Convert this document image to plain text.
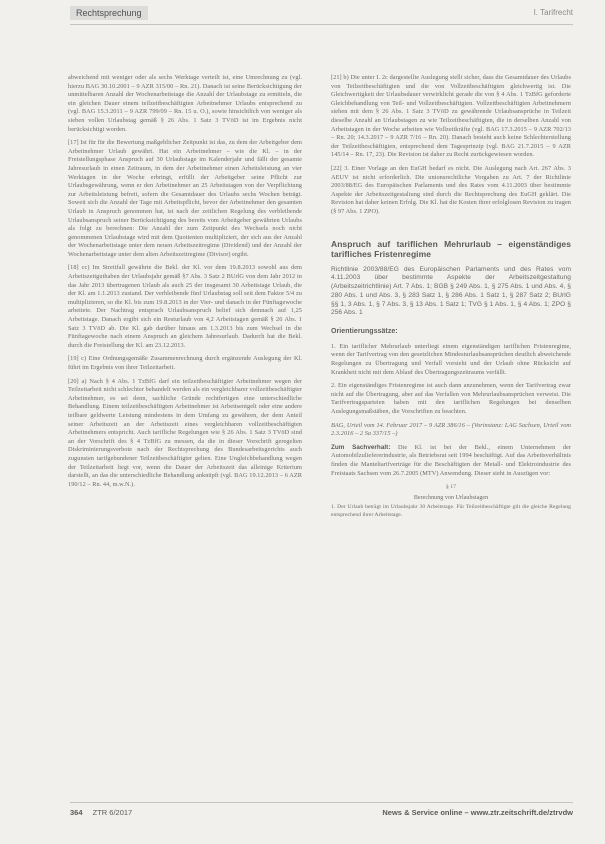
Rechtsprechung	I. Tarifrecht

abweichend mit weniger oder als sechs Werktage verteilt ist, eine Umrechnung zu (vgl. hierzu BAG 30.10.2001 – 9 AZR 315/00 – Rn. 21). Danach ist seine Berücksichtigung der unmittelbaren Anzahl der Wochenarbeitstage die Anzahl der Urlaubstage zu ermitteln, die ein gleichen Dauer einem teilzeitbeschäftigten Arbeitnehmer Urlaubs entsprechend zu (vgl. BAG 15.3.2011 – 9 AZR 799/09 – Rn. 15 u. O.), sowie hinsichtlich von weniger als sieben vollen Urlaubstag gemäß § 26 Abs. 1 Satz 3 TVöD ist im Ergebnis nicht berücksichtigt worden.

[17] Ist für für die Bewertung maßgeblicher Zeitpunkt ist das, zu dem der Arbeitgeber dem Arbeitnehmer Urlaub gewährt. Hat ein Arbeitnehmer – wie die Kl. – in der Freistellungsphase Anspruch auf 30 Urlaubstage im Kalenderjahr und fällt der gesamte Jahresurlaub in einen Zeitraum, in dem der Arbeitnehmer einen Arbeitsleistung an vier Werktagen in der Woche erbringt, erfüllt der Arbeitgeber seine Pflicht zur Urlaubsgewährung, wenn er den Arbeitnehmer an 25 Arbeitstagen von der Verpflichtung zur Arbeitsleistung befreit, sofern die Gesamtdauer des Urlaubs sechs Wochen beträgt. Soweit sich die Anzahl der Tage mit Arbeitspflicht, bevor der Arbeitnehmer den gesamten Urlaub in Anspruch genommen hat, ist nach der zeitlichen Regelung des verbleibende Urlaubsanspruch seiner Berücksichtigung des bereits vom Arbeitgeber gewährten Urlaubs als folgt zu berechnen: Die Anzahl der zum Zeitpunkt des Wechsels noch nicht genommenen Urlaubstage wird mit dem Quotienten multipliziert, der sich aus der Anzahl der Wochenarbeitstage unter dem neuen Arbeitszeitregime (Dividend) und der Anzahl der Wochenarbeitstage unter dem alten Arbeitszeitregime (Divisor) ergibt.

[18] cc) Im Streitfall gewährte die Bekl. der Kl. vor dem 19.8.2013 sowohl aus dem Arbeitszeitguthaben der Urlaubsjahr gemäß §7 Abs. 3 Satz 2 BUrlG von dem Jahr 2012 in das Jahr 2013 übertragenen Urlaub als auch 25 der insgesamt 30 Arbeitstage Urlaub, die der Kl. am 1.1.2013 zustand. Der verbleibende fünf Urlaubstag soll seit dem Faktor 5/4 zu multiplizieren, so die Kl. bis zum 19.8.2013 in der Vier- und danach in der Fünftagewoche arbeitete. Der Nachtrag entsprach Urlaubsanspruch belief sich demnach auf 1,25 Arbeitstage. Danach ergibt sich ein Resturlaub von 4,2 Arbeitstagen gemäß § 26 Abs. 1 Satz 3 TVöD ab. Die Kl. gab darüber hinaus am 1.3.2013 bis zum Wechsel in die Fünftagewoche nach einem Anspruch an gleichem Jahresurlaub. Dadurch hat die Bekl. durch die Freistellung der Kl. am 23.12.2013.

[19] c) Eine Ordnungsgemäße Zusammenrechnung durch ergänzende Auslegung der Kl. führt im Ergebnis von ihrer Teilzeitarbeit.

[20] a) Nach § 4 Abs. 1 TzBfG darf ein teilzeitbeschäftigter Arbeitnehmer wegen der Teilzeitarbeit nicht schlechter behandelt werden als ein vergleichbarer vollzeitbeschäftigter Arbeitnehmer, es sei denn, sachliche Gründe rechtfertigen eine unterschiedliche Behandlung. Einem teilzeitbeschäftigten Arbeitnehmer ist Arbeitsentgelt oder eine andere teilbare geldwerte Leistung mindestens in dem Umfang zu gewähren, der dem Anteil seiner Arbeitszeit an der Arbeitszeit eines vergleichbaren vollzeitbeschäftigten Arbeitnehmers entspricht. Auch tarifliche Regelungen wie § 26 Abs. 1 Satz 3 TVöD sind an der Vorschrift des § 4 TzBfG zu messen, da die in dieser Vorschrift geregelten Diskriminierungsverbote nach der Rechtsprechung des Bundesarbeitsgerichts auch zugunsten tarifgebundener Teilzeitbeschäftigter gelten. Eine Ungleichbehandlung wegen der Teilzeitarbeit liegt vor, wenn die Dauer der Arbeitszeit das alleinige Kriterium darstellt, an das die unterschiedliche Behandlung anknüpft (vgl. BAG 19.12.2013 – 6 AZR 190/12 – Rn. 44, m.w.N.).

[21] b) Die unter I. 2c dargestellte Auslegung stellt sicher, dass die Gesamtdauer des Urlaubs von Teilzeitbeschäftigten und die von Vollzeitbeschäftigten gleichwertig ist. Die Gleichwertigkeit der Urlaubsdauer verwirklicht gerade die von § 4 Abs. 1 TzBfG geforderte Gleichbehandlung von Teil- und Vollzeitbeschäftigten. Vollzeitbeschäftigten Arbeitnehmern stehen mit dem § 26 Abs. 1 Satz 3 TVöD zu gewährende Urlaubsansprüche in Teilzeit dieselbe Anzahl an Urlaubstagen zu wie Teilzeitbeschäftigten, die in derselben Anzahl von Arbeitstagen in der Woche arbeiten wie Vollzeitkräfte (vgl. BAG 17.3.2015 – 9 AZR 702/13 – Rn. 20; 14.3.2017 – 9 AZR 7/16 – Rn. 20). Danach besteht auch keine Schlechterstellung der Teilzeitbeschäftigten, entsprechend dem Tagesprinzip (vgl. BAG 21.7.2015 – 9 AZR 145/14 – Rn. 17, 23). Die Revision ist daher zu Recht zurückgewiesen worden.

[22] 3. Einer Vorlage an den EuGH bedarf es nicht. Die Auslegung nach Art. 267 Abs. 3 AEUV ist nicht erforderlich. Die unionsrechtliche Vorgaben zu Art. 7 der Richtlinie 2003/88/EG des Europäischen Parlaments und des Rates vom 4.11.2003 über bestimmte Aspekte der Arbeitszeitgestaltung sind durch die Rechtsprechung des EuGH geklärt. Die Revision hat daher keinen Erfolg. Die Kl. hat die Kosten ihrer erfolglosen Revision zu tragen (§ 97 Abs. 1 ZPO).

Anspruch auf tariflichen Mehrurlaub – eigenständiges tarifliches Fristenregime
Richtlinie 2003/88/EG des Europäischen Parlaments und des Rates vom 4.11.2003 über bestimmte Aspekte der Arbeitszeitgestaltung (Arbeitszeitrichtlinie) Art. 7 Abs. 1; BGB § 249 Abs. 1, § 275 Abs. 1 und Abs. 4, § 280 Abs. 1 und Abs. 3, § 283 Satz 1, § 286 Abs. 1 Satz 1, § 287 Satz 2; BUrlG §§ 1, 3 Abs. 1, § 7 Abs. 3, § 13 Abs. 1 Satz 1; TVG § 1 Abs. 1, § 4 Abs. 1; ZPO § 256 Abs. 1
Orientierungssätze:

1. Ein tariflicher Mehrurlaub unterliegt einem eigenständigen tariflichen Fristenregime, wenn der Tarifvertrag von den gesetzlichen Mindesturlaubsansprüchen deutlich abweichende Regelungen zu Übertragung und Verfall vorsieht und der Urlaub ohne Rücksicht auf Krankheit nicht mit dem Ablauf des Übertragungszeitraums verfällt.

2. Ein eigenständiges Fristenregime ist auch dann anzunehmen, wenn der Tarifvertrag zwar nicht auf die Übertragung, aber auf das Verfallen von Mehrurlaubsansprüchen verweist. Die Tarifvertragsparteien haben mit den tariflichen Regelungen bei denselben Auslegungsmaßstäben, die Vorschriften zu beachten.

BAG, Urteil vom 14. Februar 2017 – 9 AZR 386/16 – (Vorinstanz: LAG Sachsen, Urteil vom 2.3.2016 – 2 Sa 337/15 –)

Zum Sachverhalt: Die Kl. ist bei der Bekl., einem Unternehmen der Automobilzuliefererindustrie, als Betriebsrat seit 1994 beschäftigt. Auf das Arbeitsverhältnis finden die Manteltarifverträge für die Beschäftigten der Metall- und Elektroindustrie des Freistaats Sachsen vom 26.7.2005 (MTV) Anwendung. Dieser sieht in Auszügen vor:

§ 17
Berechnung von Urlaubstagen

1. Der Urlaub beträgt im Urlaubsjahr 30 Arbeitstage. Für Teilzeitbeschäftigte gilt die gleiche Regelung entsprechend ihrer Arbeitstage.

364 ZTR 6/2017	News & Service online – www.ztr.zeitschrift.de/ztrvdw
